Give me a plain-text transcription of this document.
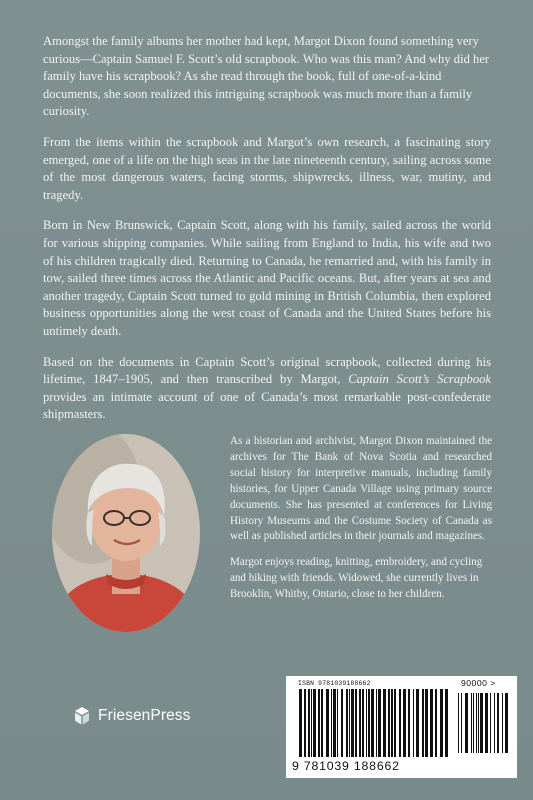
Amongst the family albums her mother had kept, Margot Dixon found something very curious—Captain Samuel F. Scott’s old scrapbook. Who was this man? And why did her family have his scrapbook? As she read through the book, full of one-of-a-kind documents, she soon realized this intriguing scrapbook was much more than a family curiosity.

From the items within the scrapbook and Margot’s own research, a fascinating story emerged, one of a life on the high seas in the late nineteenth century, sailing across some of the most dangerous waters, facing storms, shipwrecks, illness, war, mutiny, and tragedy.

Born in New Brunswick, Captain Scott, along with his family, sailed across the world for various shipping companies. While sailing from England to India, his wife and two of his children tragically died. Returning to Canada, he remarried and, with his family in tow, sailed three times across the Atlantic and Pacific oceans. But, after years at sea and another tragedy, Captain Scott turned to gold mining in British Columbia, then explored business opportunities along the west coast of Canada and the United States before his untimely death.

Based on the documents in Captain Scott’s original scrapbook, collected during his lifetime, 1847–1905, and then transcribed by Margot, Captain Scott’s Scrapbook provides an intimate account of one of Canada’s most remarkable post-confederate shipmasters.

As a historian and archivist, Margot Dixon maintained the archives for The Bank of Nova Scotia and researched social history for interpretive manuals, including family histories, for Upper Canada Village using primary source documents. She has presented at conferences for Living History Museums and the Costume Society of Canada as well as published articles in their journals and magazines.

Margot enjoys reading, knitting, embroidery, and cycling and hiking with friends. Widowed, she currently lives in Brooklin, Whitby, Ontario, close to her children.

FriesenPress
ISBN 9781039188662	90000 >
9 781039 188662
